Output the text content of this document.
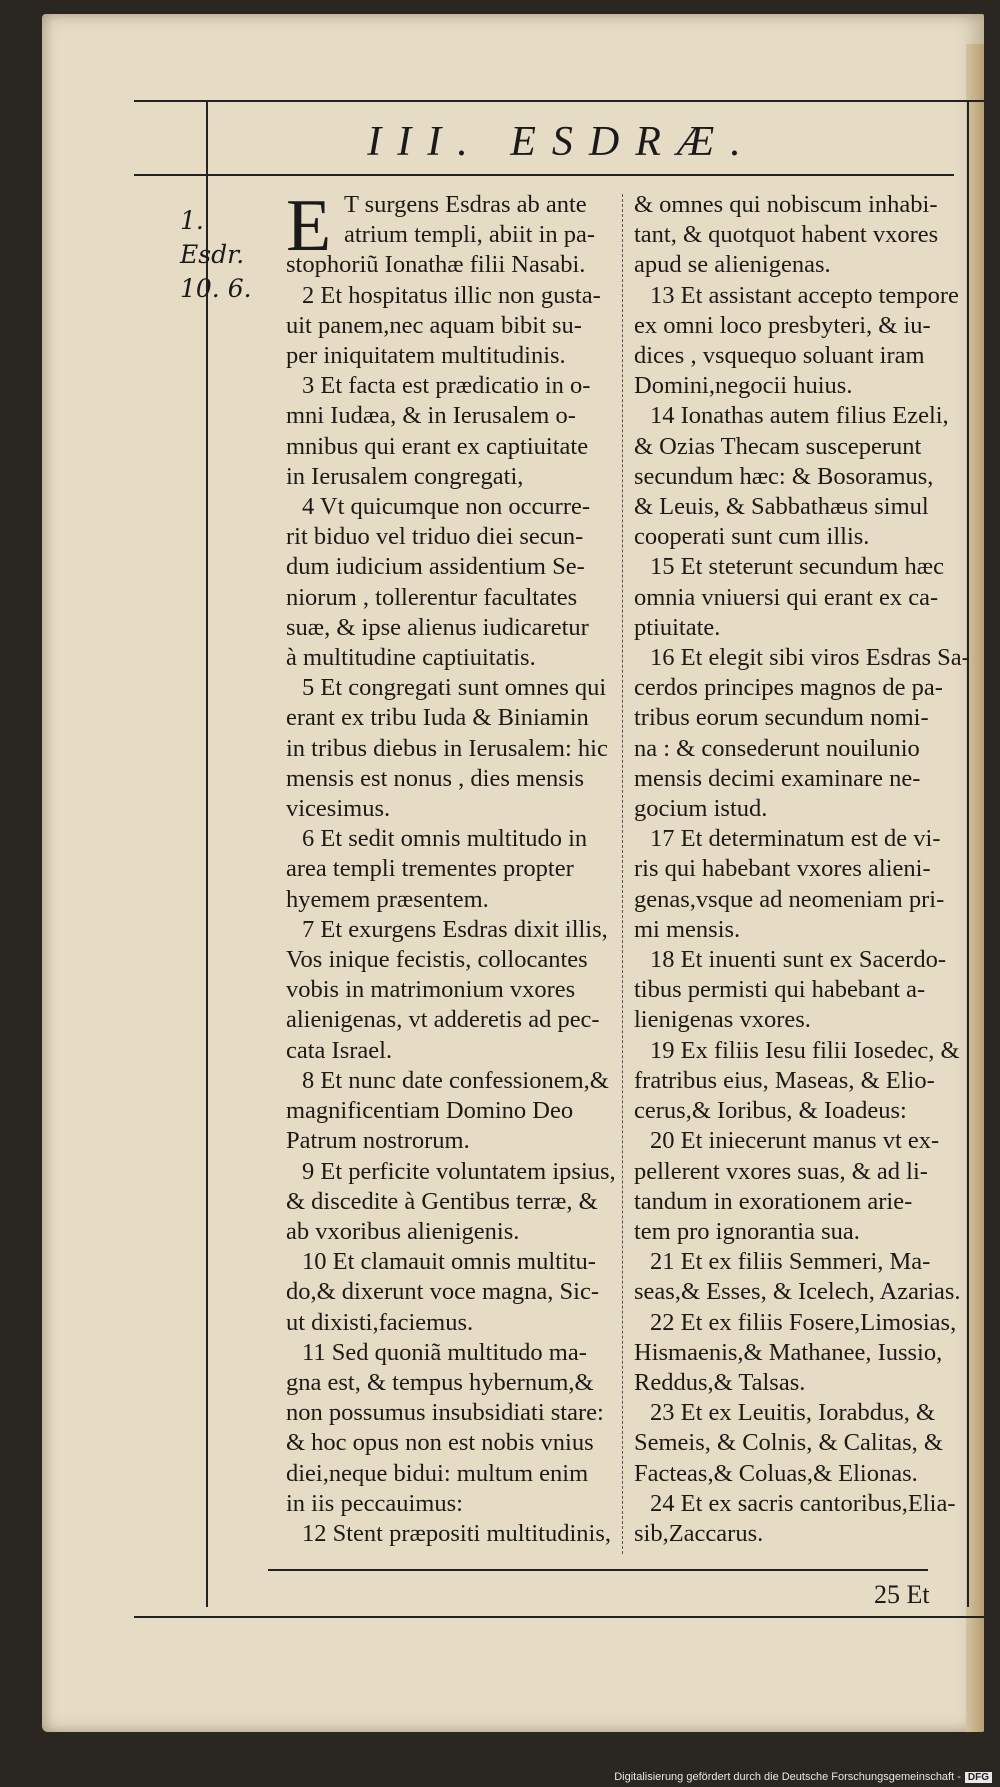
III. ESDRÆ.
1. Esdr.
10. 6.
T surgens Esdras ab ante
atrium templi, abiit in pa-
stophoriũ Ionathæ filii Nasabi.
2 Et hospitatus illic non gusta-
uit panem,nec aquam bibit su-
per iniquitatem multitudinis.
3 Et facta est prædicatio in o-
mni Iudæa, & in Ierusalem o-
mnibus qui erant ex captiuitate
in Ierusalem congregati,
4 Vt quicumque non occurre-
rit biduo vel triduo diei secun-
dum iudicium assidentium Se-
niorum , tollerentur facultates
suæ, & ipse alienus iudicaretur
à multitudine captiuitatis.
5 Et congregati sunt omnes qui
erant ex tribu Iuda & Biniamin
in tribus diebus in Ierusalem: hic
mensis est nonus , dies mensis
vicesimus.
6 Et sedit omnis multitudo in
area templi trementes propter
hyemem præsentem.
7 Et exurgens Esdras dixit illis,
Vos inique fecistis, collocantes
vobis in matrimonium vxores
alienigenas, vt adderetis ad pec-
cata Israel.
8 Et nunc date confessionem,&
magnificentiam Domino Deo
Patrum nostrorum.
9 Et perficite voluntatem ipsius,
& discedite à Gentibus terræ, &
ab vxoribus alienigenis.
10 Et clamauit omnis multitu-
do,& dixerunt voce magna, Sic-
ut dixisti,faciemus.
11 Sed quoniã multitudo ma-
gna est, & tempus hybernum,&
non possumus insubsidiati stare:
& hoc opus non est nobis vnius
diei,neque bidui: multum enim
in iis peccauimus:
12 Stent præpositi multitudinis,
E	& omnes qui nobiscum inhabi-
tant, & quotquot habent vxores
apud se alienigenas.
13 Et assistant accepto tempore
ex omni loco presbyteri, & iu-
dices , vsquequo soluant iram
Domini,negocii huius.
14 Ionathas autem filius Ezeli,
& Ozias Thecam susceperunt
secundum hæc: & Bosoramus,
& Leuis, & Sabbathæus simul
cooperati sunt cum illis.
15 Et steterunt secundum hæc
omnia vniuersi qui erant ex ca-
ptiuitate.
16 Et elegit sibi viros Esdras Sa-
cerdos principes magnos de pa-
tribus eorum secundum nomi-
na : & consederunt nouilunio
mensis decimi examinare ne-
gocium istud.
17 Et determinatum est de vi-
ris qui habebant vxores alieni-
genas,vsque ad neomeniam pri-
mi mensis.
18 Et inuenti sunt ex Sacerdo-
tibus permisti qui habebant a-
lienigenas vxores.
19 Ex filiis Iesu filii Iosedec, &
fratribus eius, Maseas, & Elio-
cerus,& Ioribus, & Ioadeus:
20 Et iniecerunt manus vt ex-
pellerent vxores suas, & ad li-
tandum in exorationem arie-
tem pro ignorantia sua.
21 Et ex filiis Semmeri, Ma-
seas,& Esses, & Icelech, Azarias.
22 Et ex filiis Fosere,Limosias,
Hismaenis,& Mathanee, Iussio,
Reddus,& Talsas.
23 Et ex Leuitis, Iorabdus, &
Semeis, & Colnis, & Calitas, &
Facteas,& Coluas,& Elionas.
24 Et ex sacris cantoribus,Elia-
sib,Zaccarus.
25 Et
Digitalisierung gefördert durch die Deutsche Forschungsgemeinschaft - DFG
